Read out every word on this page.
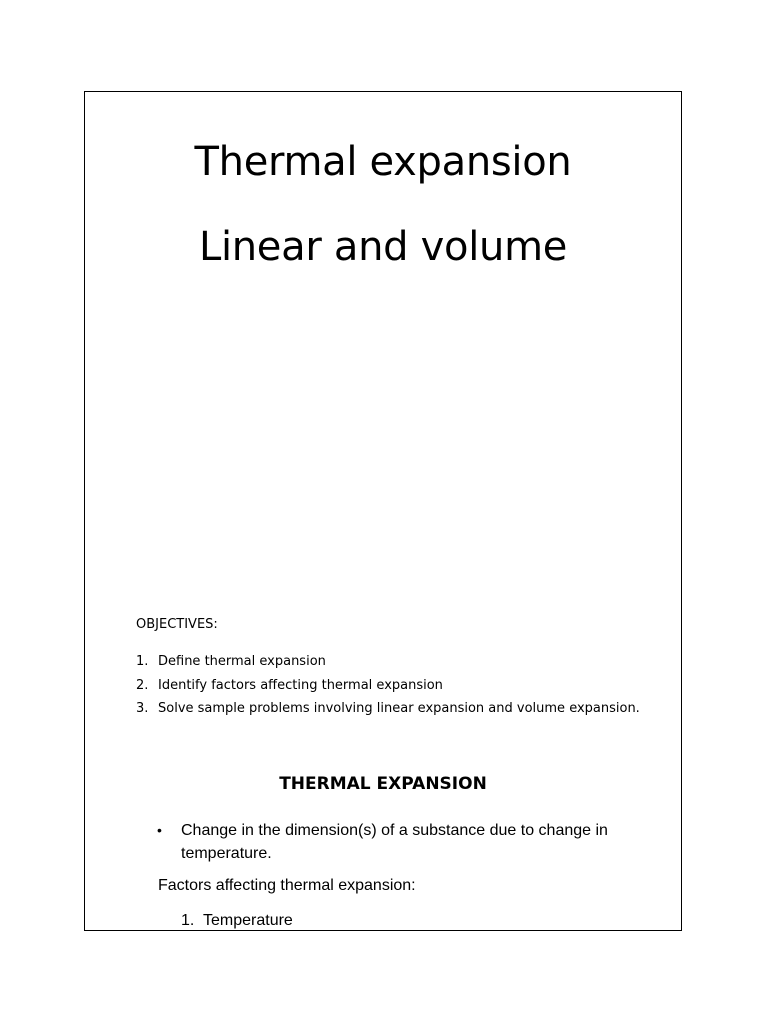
Thermal expansion
Linear and volume
OBJECTIVES:
1. Define thermal expansion
2. Identify factors affecting thermal expansion
3. Solve sample problems involving linear expansion and volume expansion.
THERMAL EXPANSION
•	Change in the dimension(s) of a substance due to change in temperature.
Factors affecting thermal expansion:
1. Temperature
